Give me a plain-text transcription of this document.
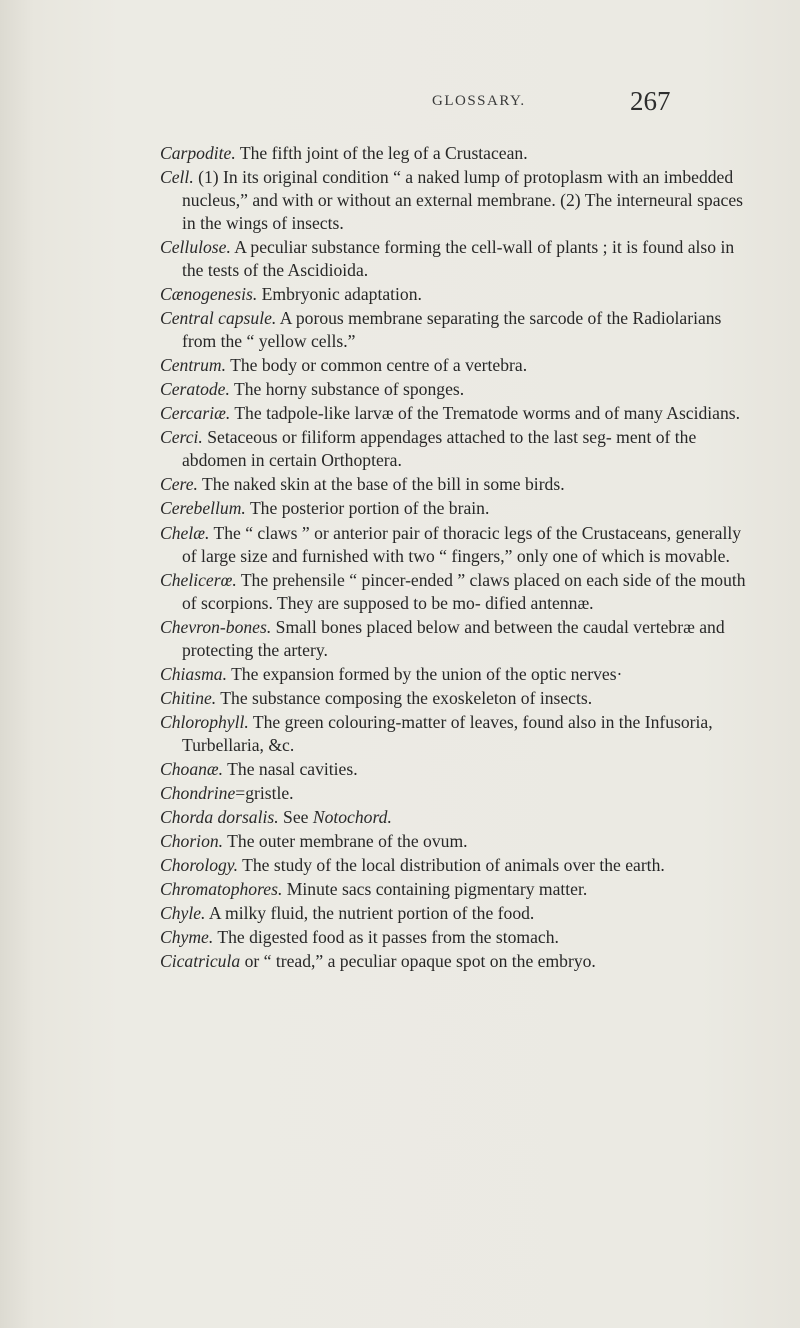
GLOSSARY.	267

Carpodite. The fifth joint of the leg of a Crustacean.

Cell. (1) In its original condition “ a naked lump of protoplasm with an imbedded nucleus,” and with or without an external membrane. (2) The interneural spaces in the wings of insects.

Cellulose. A peculiar substance forming the cell-wall of plants ; it is found also in the tests of the Ascidioida.

Cænogenesis. Embryonic adaptation.

Central capsule. A porous membrane separating the sarcode of the Radiolarians from the “ yellow cells.”

Centrum. The body or common centre of a vertebra.

Ceratode. The horny substance of sponges.

Cercariæ. The tadpole-like larvæ of the Trematode worms and of many Ascidians.

Cerci. Setaceous or filiform appendages attached to the last seg- ment of the abdomen in certain Orthoptera.

Cere. The naked skin at the base of the bill in some birds.

Cerebellum. The posterior portion of the brain.

Chelæ. The “ claws ” or anterior pair of thoracic legs of the Crustaceans, generally of large size and furnished with two “ fingers,” only one of which is movable.

Chelicerœ. The prehensile “ pincer-ended ” claws placed on each side of the mouth of scorpions. They are supposed to be mo- dified antennæ.

Chevron-bones. Small bones placed below and between the caudal vertebræ and protecting the artery.

Chiasma. The expansion formed by the union of the optic nerves·

Chitine. The substance composing the exoskeleton of insects.

Chlorophyll. The green colouring-matter of leaves, found also in the Infusoria, Turbellaria, &c.

Choanæ. The nasal cavities.

Chondrine=gristle.

Chorda dorsalis. See Notochord.

Chorion. The outer membrane of the ovum.

Chorology. The study of the local distribution of animals over the earth.

Chromatophores. Minute sacs containing pigmentary matter.

Chyle. A milky fluid, the nutrient portion of the food.

Chyme. The digested food as it passes from the stomach.

Cicatricula or “ tread,” a peculiar opaque spot on the embryo.
